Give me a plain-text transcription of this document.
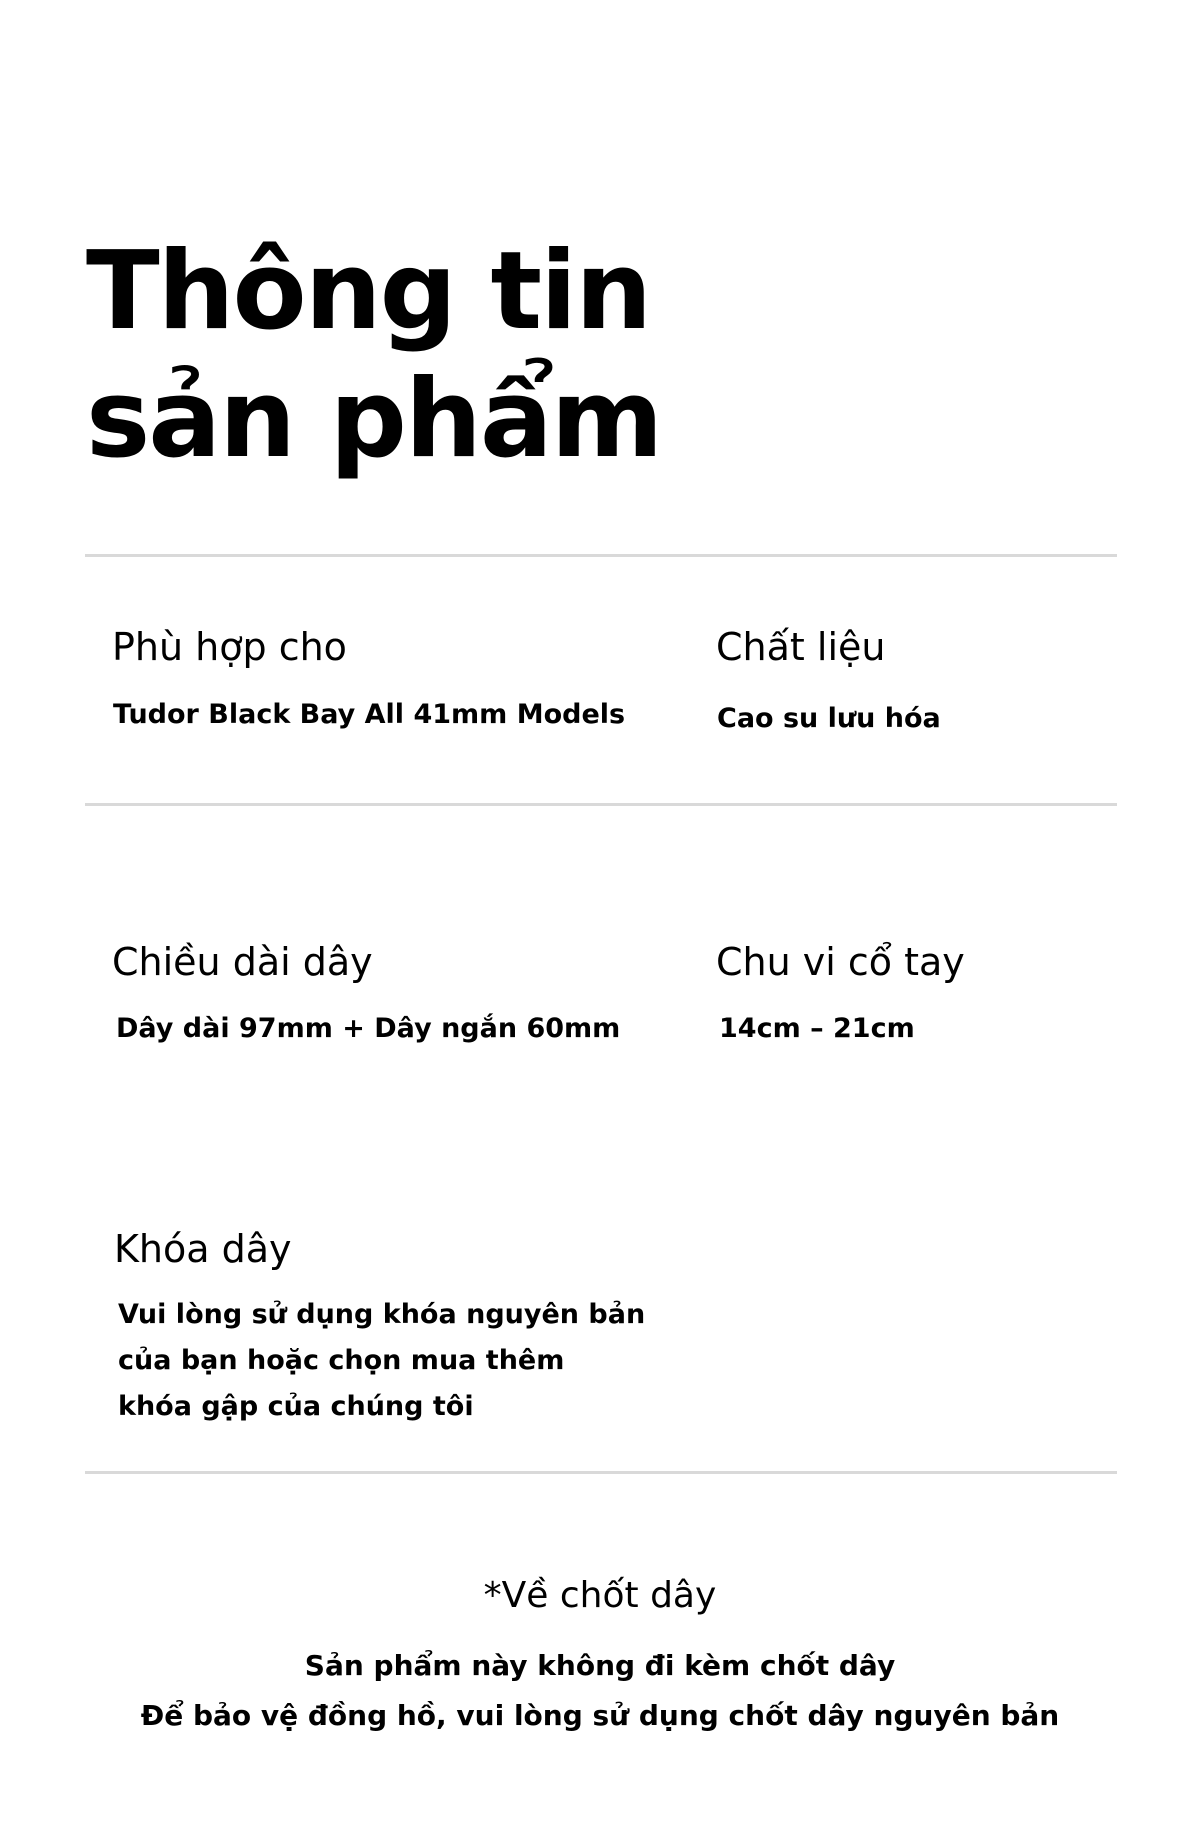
Thông tin
sản phẩm
Phù hợp cho
Tudor Black Bay All 41mm Models
Chất liệu
Cao su lưu hóa
Chiều dài dây
Dây dài 97mm + Dây ngắn 60mm
Chu vi cổ tay
14cm – 21cm
Khóa dây
Vui lòng sử dụng khóa nguyên bản
của bạn hoặc chọn mua thêm
khóa gập của chúng tôi
*Về chốt dây
Sản phẩm này không đi kèm chốt dây
Để bảo vệ đồng hồ, vui lòng sử dụng chốt dây nguyên bản
